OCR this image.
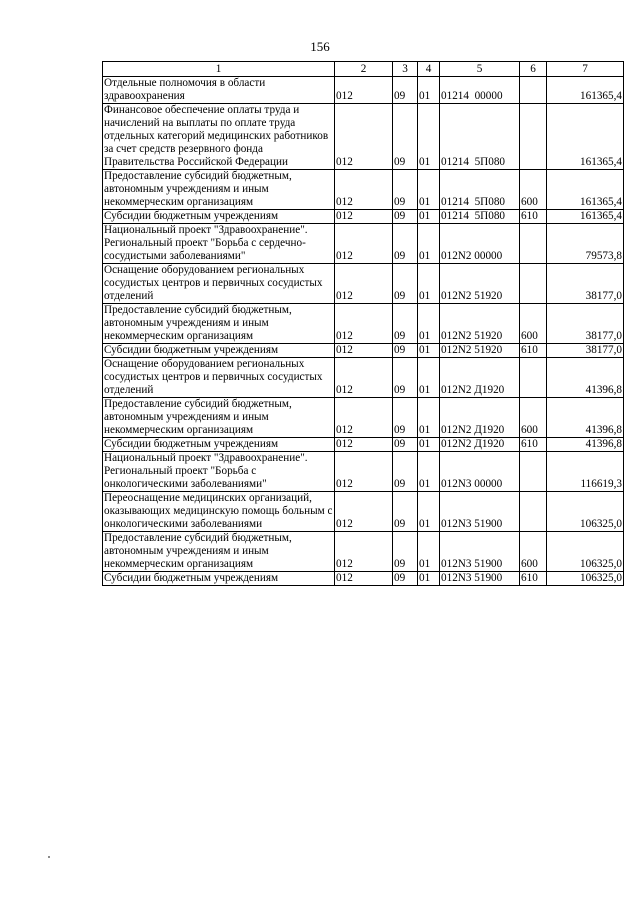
156
1	2	3	4	5	6	7
Отдельные полномочия в области здравоохранения	012	09	01	01214  00000		161365,4
Финансовое обеспечение оплаты труда и начислений на выплаты по оплате труда отдельных категорий медицинских работников за счет средств резервного фонда Правительства Российской Федерации	012	09	01	01214  5П080		161365,4
Предоставление субсидий бюджетным, автономным учреждениям и иным некоммерческим организациям	012	09	01	01214  5П080	600	161365,4
Субсидии бюджетным учреждениям	012	09	01	01214  5П080	610	161365,4
Национальный проект "Здравоохранение". Региональный проект "Борьба с сердечно-сосудистыми заболеваниями"	012	09	01	012N2 00000		79573,8
Оснащение оборудованием региональных сосудистых центров и первичных сосудистых отделений	012	09	01	012N2 51920		38177,0
Предоставление субсидий бюджетным, автономным учреждениям и иным некоммерческим организациям	012	09	01	012N2 51920	600	38177,0
Субсидии бюджетным учреждениям	012	09	01	012N2 51920	610	38177,0
Оснащение оборудованием региональных сосудистых центров и первичных сосудистых отделений	012	09	01	012N2 Д1920		41396,8
Предоставление субсидий бюджетным, автономным учреждениям и иным некоммерческим организациям	012	09	01	012N2 Д1920	600	41396,8
Субсидии бюджетным учреждениям	012	09	01	012N2 Д1920	610	41396,8
Национальный проект "Здравоохранение". Региональный проект "Борьба с онкологическими заболеваниями"	012	09	01	012N3 00000		116619,3
Переоснащение медицинских организаций, оказывающих медицинскую помощь больным с онкологическими заболеваниями	012	09	01	012N3 51900		106325,0
Предоставление субсидий бюджетным, автономным учреждениям и иным некоммерческим организациям	012	09	01	012N3 51900	600	106325,0
Субсидии бюджетным учреждениям	012	09	01	012N3 51900	610	106325,0
